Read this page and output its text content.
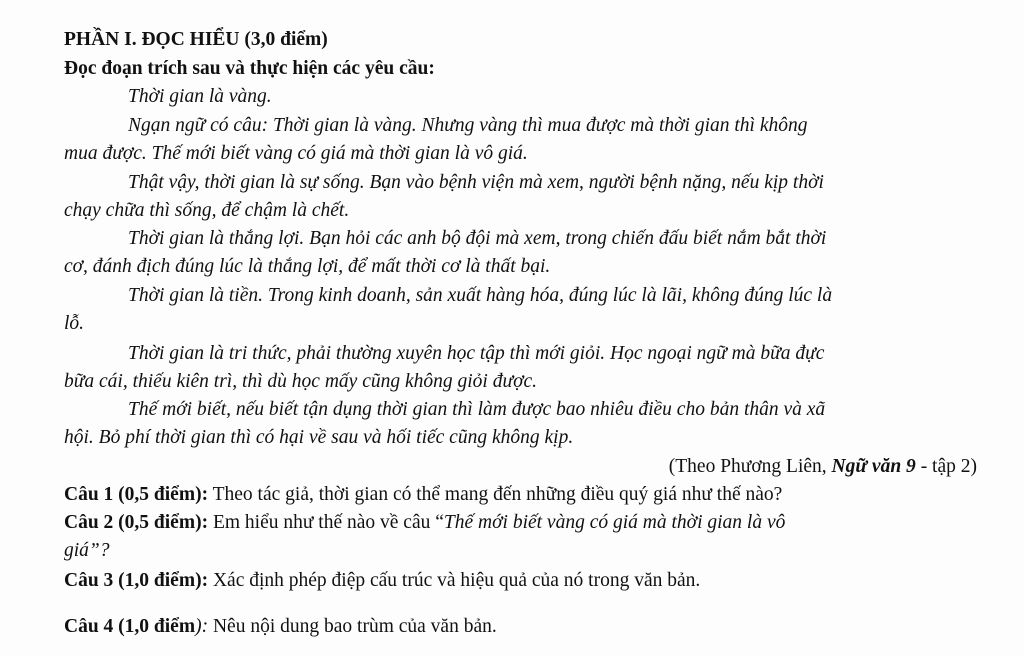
PHẦN I. ĐỌC HIỂU (3,0 điểm)
Đọc đoạn trích sau và thực hiện các yêu cầu:
Thời gian là vàng.
Ngạn ngữ có câu: Thời gian là vàng. Nhưng vàng thì mua được mà thời gian thì không
mua được. Thế mới biết vàng có giá mà thời gian là vô giá.
Thật vậy, thời gian là sự sống. Bạn vào bệnh viện mà xem, người bệnh nặng, nếu kịp thời
chạy chữa thì sống, để chậm là chết.
Thời gian là thắng lợi. Bạn hỏi các anh bộ đội mà xem, trong chiến đấu biết nắm bắt thời
cơ, đánh địch đúng lúc là thắng lợi, để mất thời cơ là thất bại.
Thời gian là tiền. Trong kinh doanh, sản xuất hàng hóa, đúng lúc là lãi, không đúng lúc là
lỗ.
Thời gian là tri thức, phải thường xuyên học tập thì mới giỏi. Học ngoại ngữ mà bữa đực
bữa cái, thiếu kiên trì, thì dù học mấy cũng không giỏi được.
Thế mới biết, nếu biết tận dụng thời gian thì làm được bao nhiêu điều cho bản thân và xã
hội. Bỏ phí thời gian thì có hại về sau và hối tiếc cũng không kịp.
(Theo Phương Liên, Ngữ văn 9 - tập 2)
Câu 1 (0,5 điểm): Theo tác giả, thời gian có thể mang đến những điều quý giá như thế nào?
Câu 2 (0,5 điểm): Em hiểu như thế nào về câu “Thế mới biết vàng có giá mà thời gian là vô
giá”?
Câu 3 (1,0 điểm): Xác định phép điệp cấu trúc và hiệu quả của nó trong văn bản.
Câu 4 (1,0 điểm): Nêu nội dung bao trùm của văn bản.
